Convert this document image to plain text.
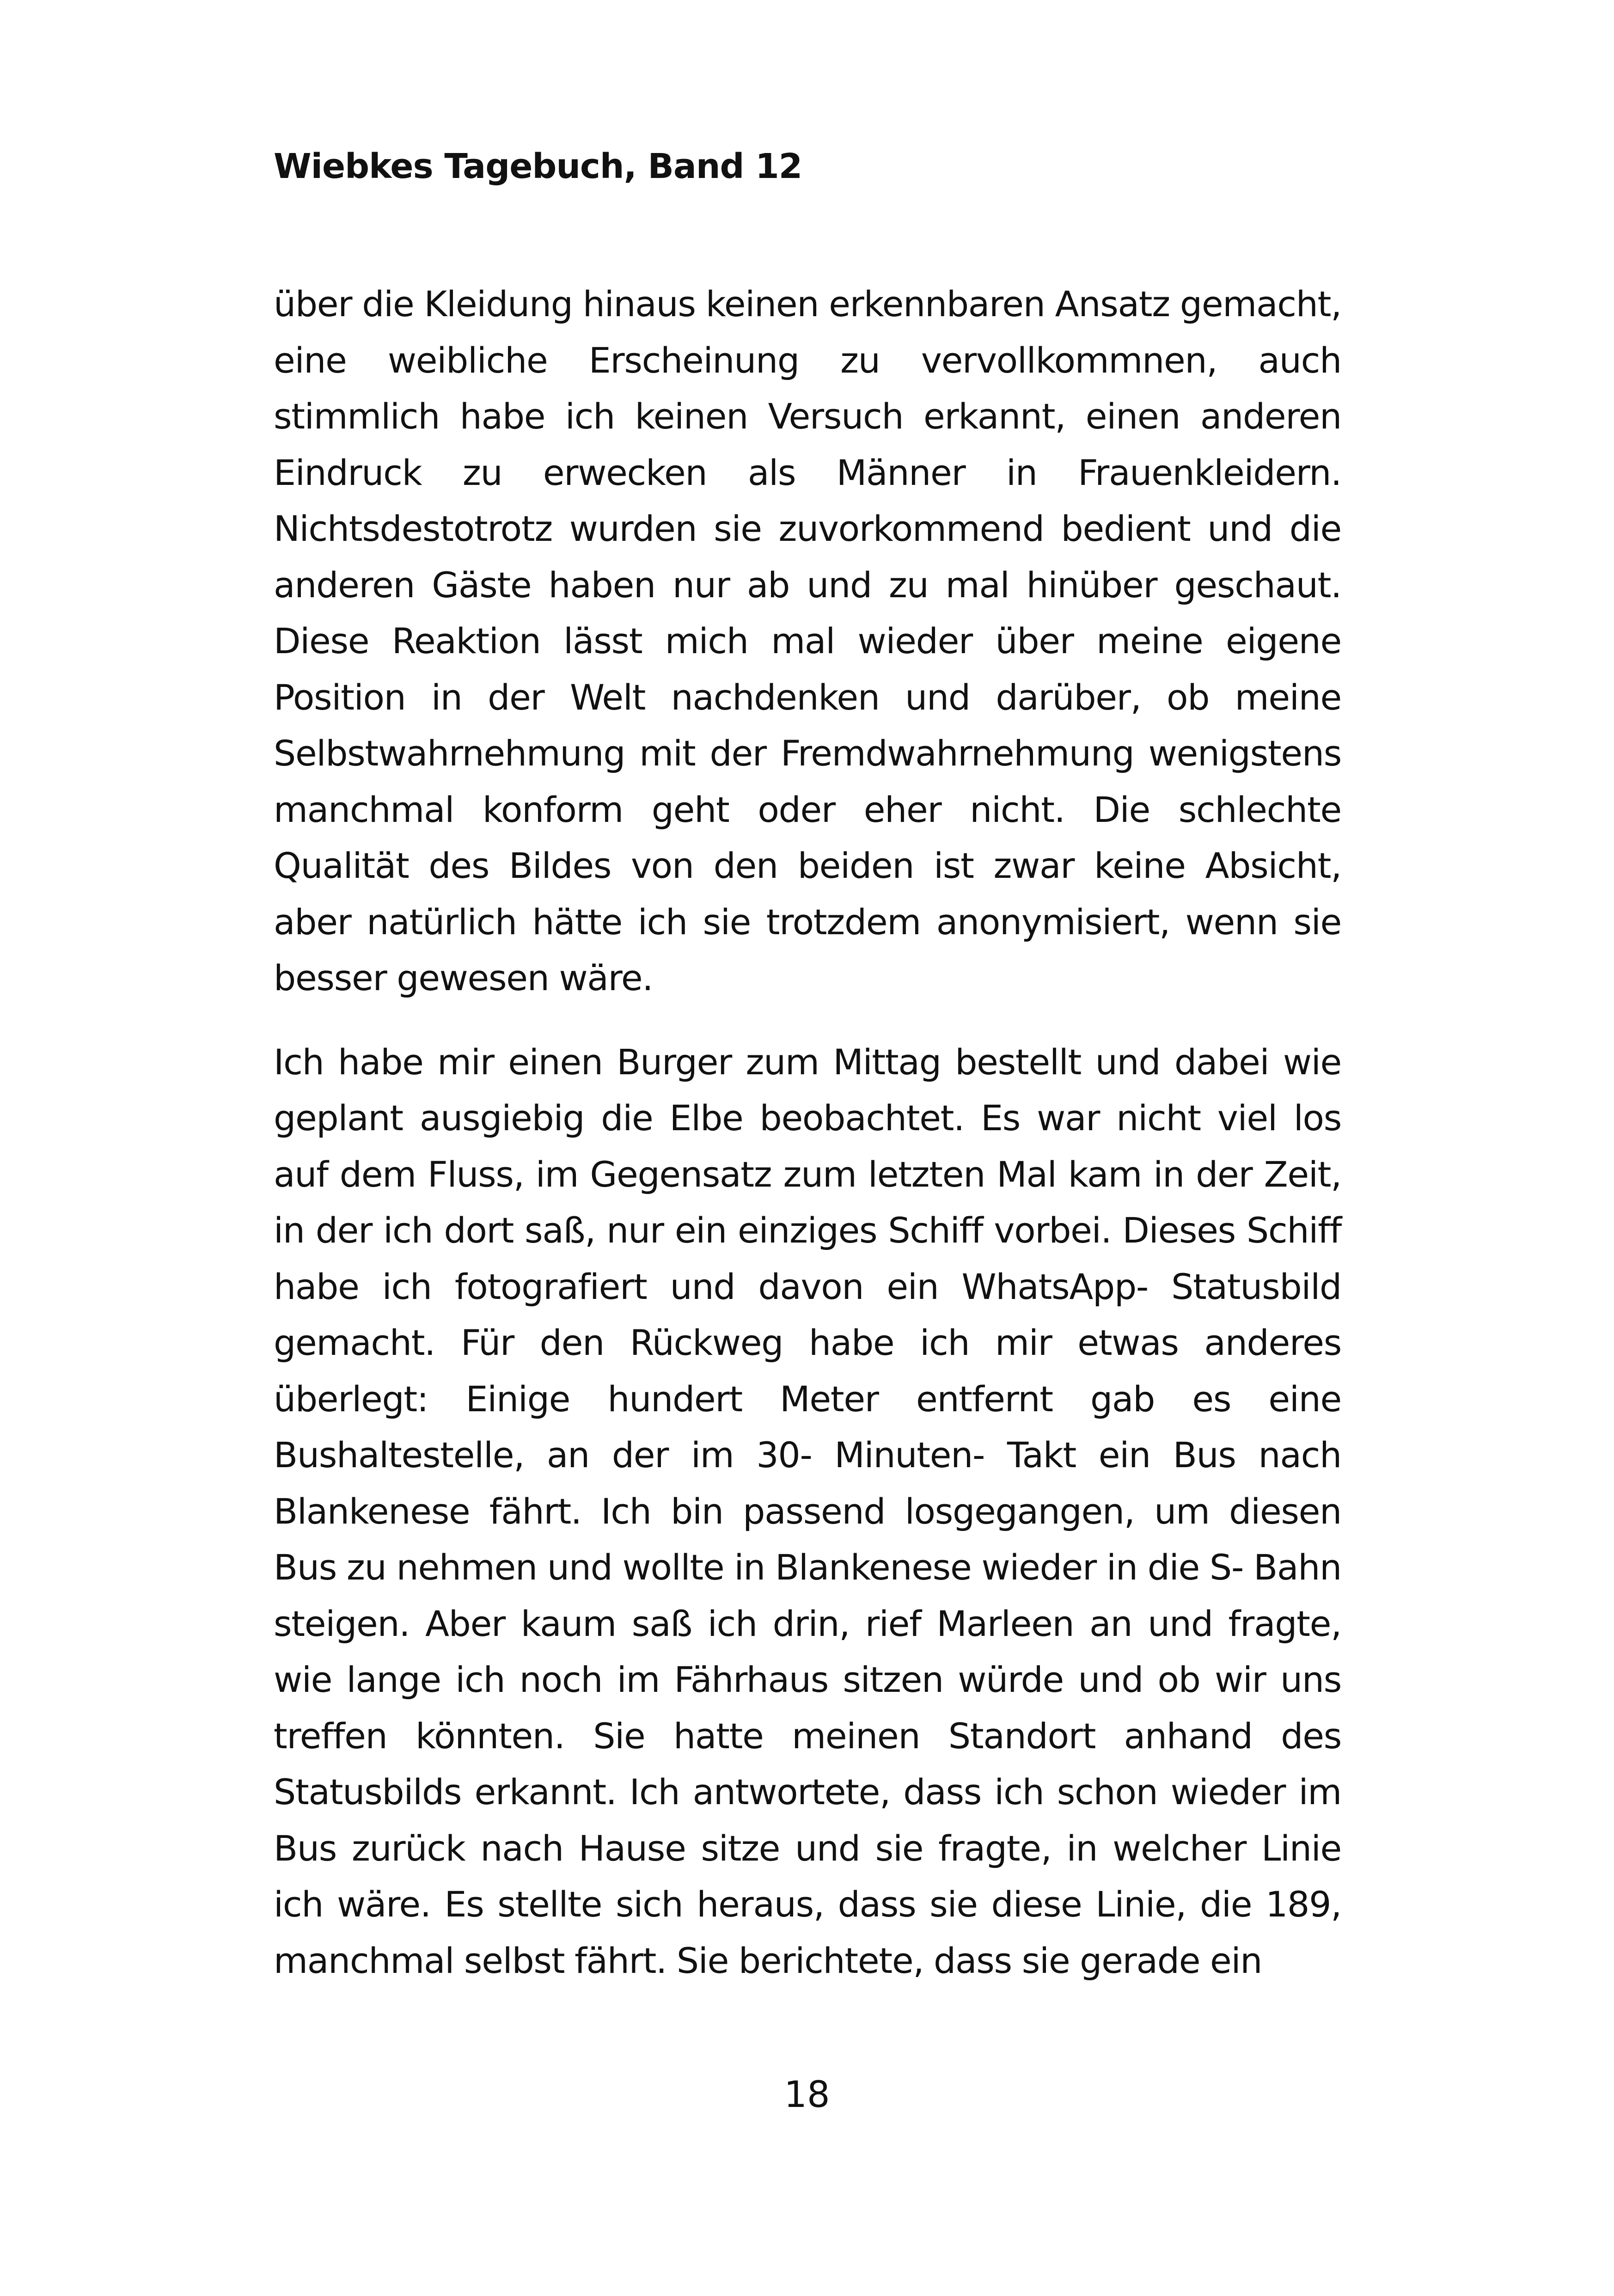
Wiebkes Tagebuch, Band 12

über die Kleidung hinaus keinen erkennbaren Ansatz gemacht, eine weibliche Erscheinung zu vervollkommnen, auch stimmlich habe ich keinen Versuch erkannt, einen anderen Eindruck zu erwecken als Männer in Frauenkleidern. Nichtsdestotrotz wurden sie zuvorkommend bedient und die anderen Gäste haben nur ab und zu mal hinüber geschaut. Diese Reaktion lässt mich mal wieder über meine eigene Position in der Welt nachdenken und darüber, ob meine Selbstwahrnehmung mit der Fremdwahrnehmung wenigstens manchmal konform geht oder eher nicht. Die schlechte Qualität des Bildes von den beiden ist zwar keine Absicht, aber natürlich hätte ich sie trotzdem anonymisiert, wenn sie besser gewesen wäre.

Ich habe mir einen Burger zum Mittag bestellt und dabei wie geplant ausgiebig die Elbe beobachtet. Es war nicht viel los auf dem Fluss, im Gegensatz zum letzten Mal kam in der Zeit, in der ich dort saß, nur ein einziges Schiff vorbei. Dieses Schiff habe ich fotografiert und davon ein WhatsApp- Statusbild gemacht. Für den Rückweg habe ich mir etwas anderes überlegt: Einige hundert Meter entfernt gab es eine Bushaltestelle, an der im 30- Minuten- Takt ein Bus nach Blankenese fährt. Ich bin passend losgegangen, um diesen Bus zu nehmen und wollte in Blankenese wieder in die S- Bahn steigen. Aber kaum saß ich drin, rief Marleen an und fragte, wie lange ich noch im Fährhaus sitzen würde und ob wir uns treffen könnten. Sie hatte meinen Standort anhand des Statusbilds erkannt. Ich antwortete, dass ich schon wieder im Bus zurück nach Hause sitze und sie fragte, in welcher Linie ich wäre. Es stellte sich heraus, dass sie diese Linie, die 189, manchmal selbst fährt. Sie berichtete, dass sie gerade ein

18
